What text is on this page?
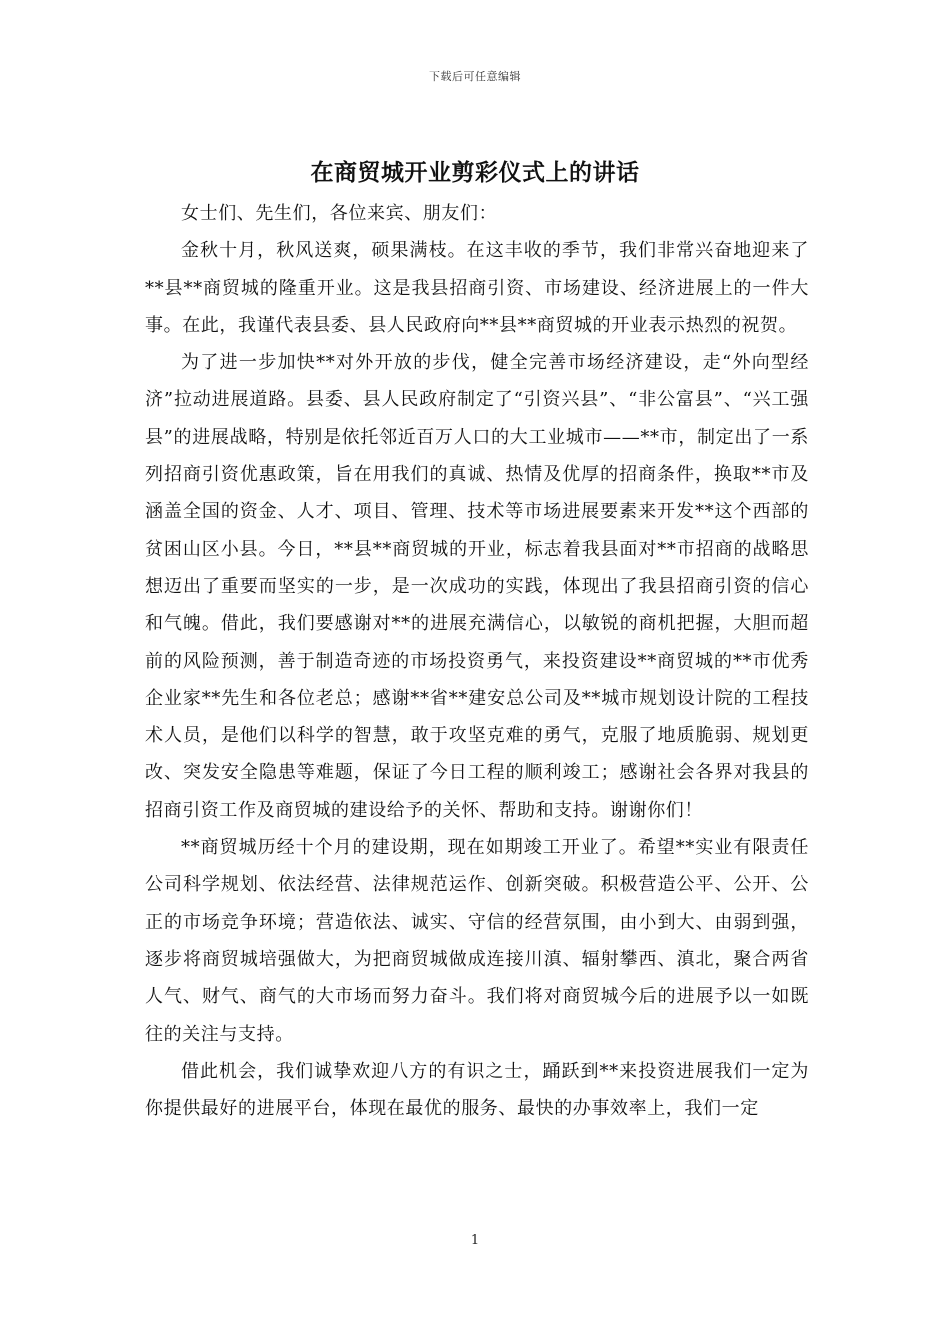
下载后可任意编辑
在商贸城开业剪彩仪式上的讲话

女士们、先生们，各位来宾、朋友们：

金秋十月，秋风送爽，硕果满枝。在这丰收的季节，我们非常兴奋地迎来了**县**商贸城的隆重开业。这是我县招商引资、市场建设、经济进展上的一件大事。在此，我谨代表县委、县人民政府向**县**商贸城的开业表示热烈的祝贺。

为了进一步加快**对外开放的步伐，健全完善市场经济建设，走“外向型经济”拉动进展道路。县委、县人民政府制定了“引资兴县”、“非公富县”、“兴工强县”的进展战略，特别是依托邻近百万人口的大工业城市——**市，制定出了一系列招商引资优惠政策，旨在用我们的真诚、热情及优厚的招商条件，换取**市及涵盖全国的资金、人才、项目、管理、技术等市场进展要素来开发**这个西部的贫困山区小县。今日，**县**商贸城的开业，标志着我县面对**市招商的战略思想迈出了重要而坚实的一步，是一次成功的实践，体现出了我县招商引资的信心和气魄。借此，我们要感谢对**的进展充满信心，以敏锐的商机把握，大胆而超前的风险预测，善于制造奇迹的市场投资勇气，来投资建设**商贸城的**市优秀企业家**先生和各位老总；感谢**省**建安总公司及**城市规划设计院的工程技术人员，是他们以科学的智慧，敢于攻坚克难的勇气，克服了地质脆弱、规划更改、突发安全隐患等难题，保证了今日工程的顺利竣工；感谢社会各界对我县的招商引资工作及商贸城的建设给予的关怀、帮助和支持。谢谢你们！

**商贸城历经十个月的建设期，现在如期竣工开业了。希望**实业有限责任公司科学规划、依法经营、法律规范运作、创新突破。积极营造公平、公开、公正的市场竞争环境；营造依法、诚实、守信的经营氛围，由小到大、由弱到强，逐步将商贸城培强做大，为把商贸城做成连接川滇、辐射攀西、滇北，聚合两省人气、财气、商气的大市场而努力奋斗。我们将对商贸城今后的进展予以一如既往的关注与支持。

借此机会，我们诚挚欢迎八方的有识之士，踊跃到**来投资进展我们一定为你提供最好的进展平台，体现在最优的服务、最快的办事效率上，我们一定

1
